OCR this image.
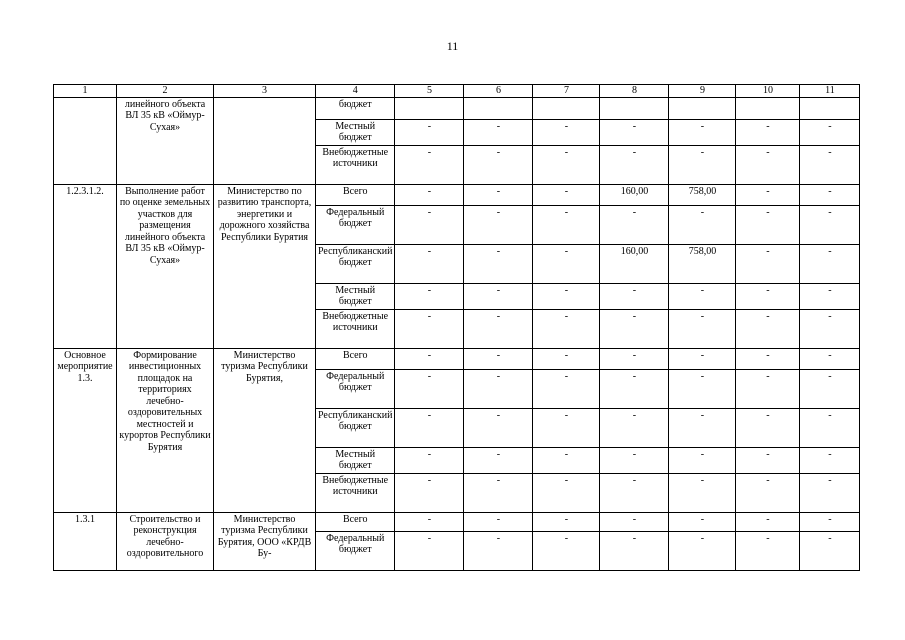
11
1	2	3	4	5	6	7	8	9	10	11
	линейного объекта ВЛ 35 кВ «Оймур-Сухая»		бюджет							
			Местный бюджет	-	-	-	-	-	-	-
			Внебюджетные источники	-	-	-	-	-	-	-
1.2.3.1.2.	Выполнение работ по оценке земельных участков для размещения линейного объекта ВЛ 35 кВ «Оймур-Сухая»	Министерство по развитию транспорта, энергетики и дорожного хозяйства Республики Бурятия	Всего	-	-	-	160,00	758,00	-	-
			Федеральный бюджет	-	-	-	-	-	-	-
			Республиканский бюджет	-	-	-	160,00	758,00	-	-
			Местный бюджет	-	-	-	-	-	-	-
			Внебюджетные источники	-	-	-	-	-	-	-
Основное мероприятие 1.3.	Формирование инвестиционных площадок на территориях лечебно-оздоровительных местностей и курортов Республики Бурятия	Министерство туризма Республики Бурятия,	Всего	-	-	-	-	-	-	-
			Федеральный бюджет	-	-	-	-	-	-	-
			Республиканский бюджет	-	-	-	-	-	-	-
			Местный бюджет	-	-	-	-	-	-	-
			Внебюджетные источники	-	-	-	-	-	-	-
1.3.1	Строительство и реконструкция лечебно-оздоровительного	Министерство туризма Республики Бурятия, ООО «КРДВ Бу-	Всего	-	-	-	-	-	-	-
			Федеральный бюджет	-	-	-	-	-	-	-
